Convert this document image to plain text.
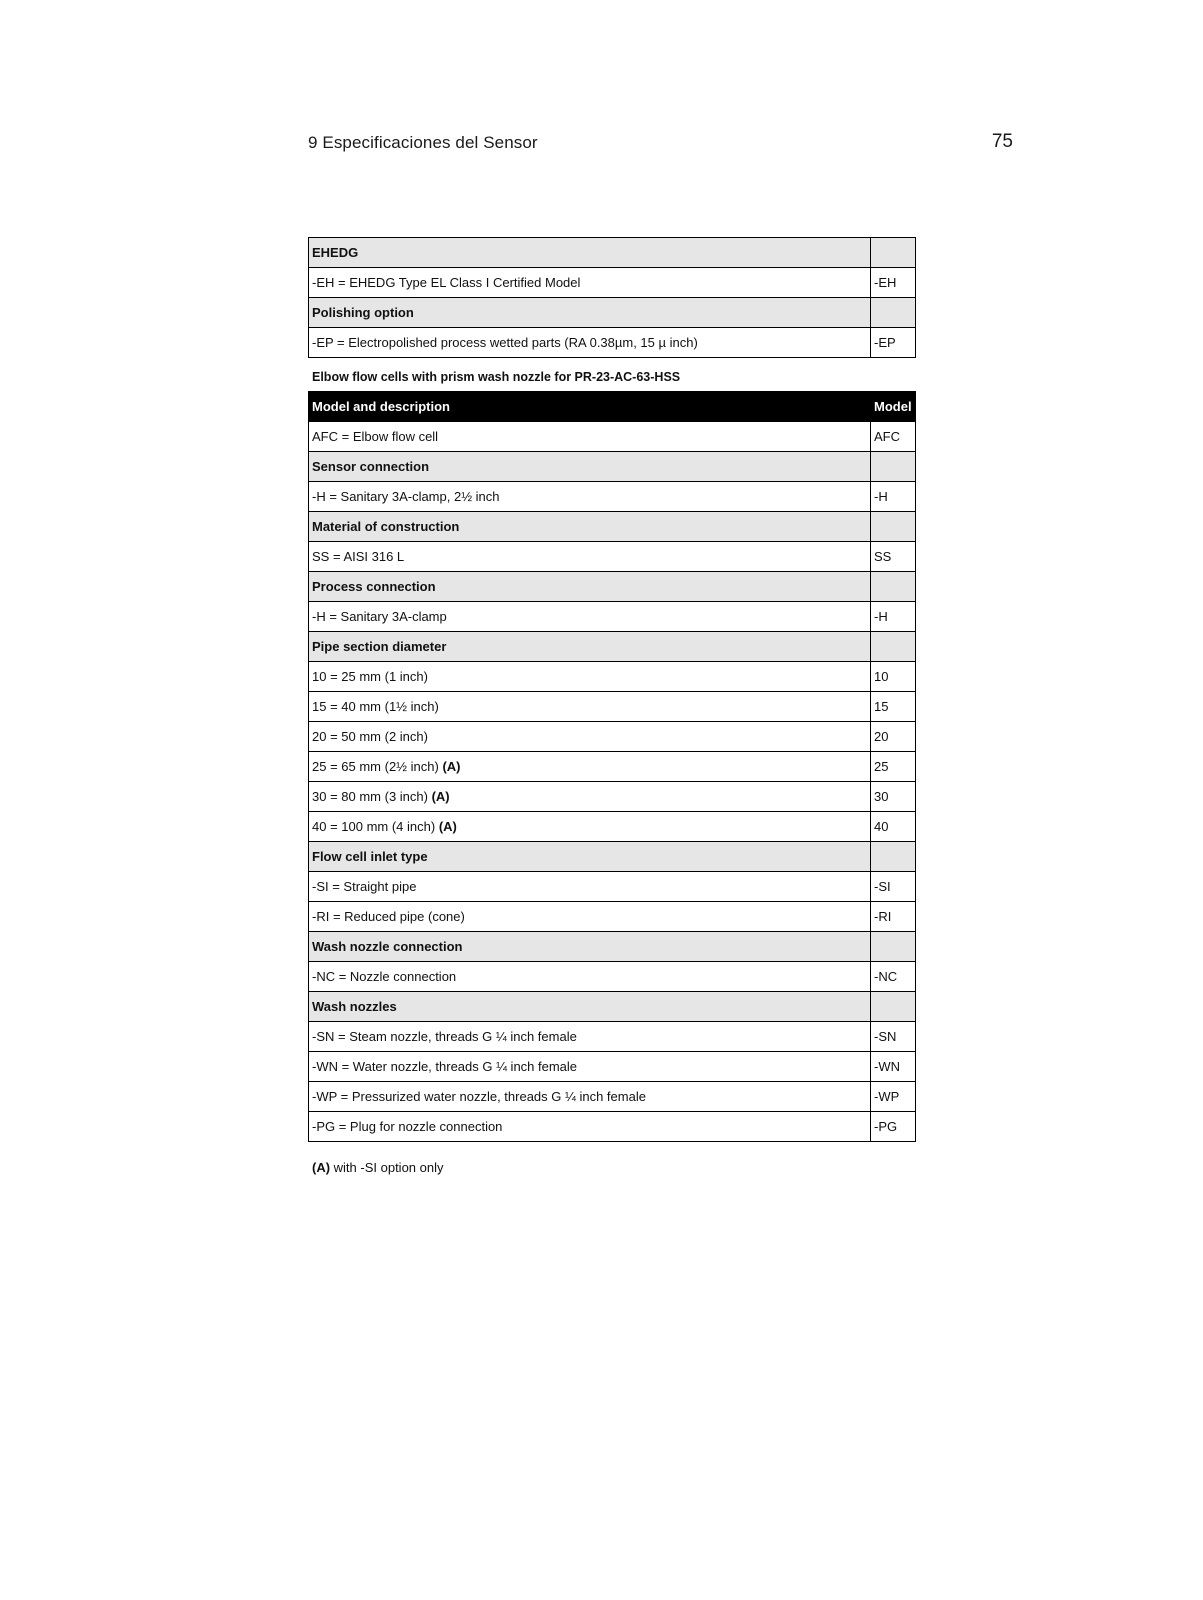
9 Especificaciones del Sensor	75
EHEDG	
-EH = EHEDG Type EL Class I Certified Model	-EH
Polishing option	
-EP = Electropolished process wetted parts (RA 0.38µm, 15 µ inch)	-EP
Elbow flow cells with prism wash nozzle for PR-23-AC-63-HSS
Model and description	Model
AFC = Elbow flow cell	AFC
Sensor connection	
-H = Sanitary 3A-clamp, 2½ inch	-H
Material of construction	
SS = AISI 316 L	SS
Process connection	
-H = Sanitary 3A-clamp	-H
Pipe section diameter	
10 = 25 mm (1 inch)	10
15 = 40 mm (1½ inch)	15
20 = 50 mm (2 inch)	20
25 = 65 mm (2½ inch) (A)	25
30 = 80 mm (3 inch) (A)	30
40 = 100 mm (4 inch) (A)	40
Flow cell inlet type	
-SI = Straight pipe	-SI
-RI = Reduced pipe (cone)	-RI
Wash nozzle connection	
-NC = Nozzle connection	-NC
Wash nozzles	
-SN = Steam nozzle, threads G ¼ inch female	-SN
-WN = Water nozzle, threads G ¼ inch female	-WN
-WP = Pressurized water nozzle, threads G ¼ inch female	-WP
-PG = Plug for nozzle connection	-PG
(A) with -SI option only
